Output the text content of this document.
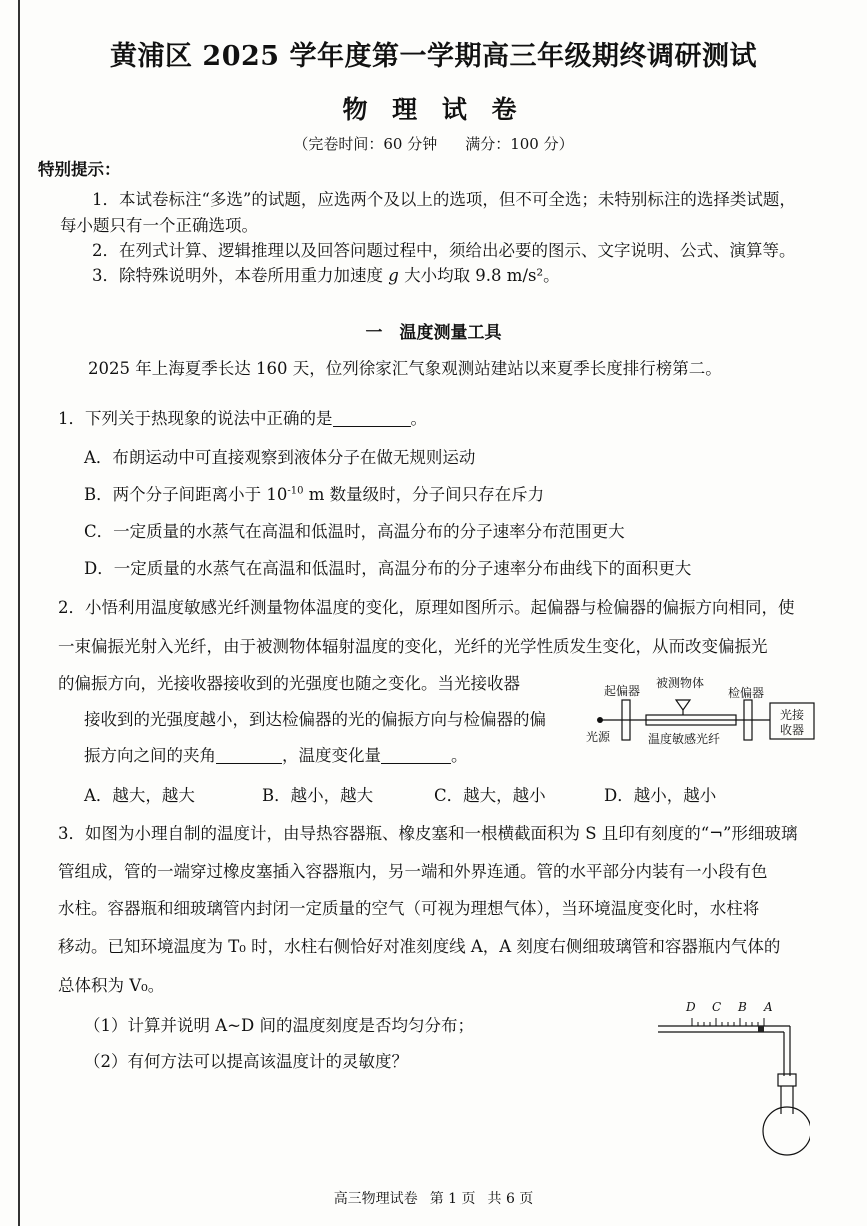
黄浦区 2025 学年度第一学期高三年级期终调研测试
物 理 试 卷
（完卷时间：60 分钟 满分：100 分）
特别提示：
1．本试卷标注“多选”的试题，应选两个及以上的选项，但不可全选；未特别标注的选择类试题，
每小题只有一个正确选项。
2．在列式计算、逻辑推理以及回答问题过程中，须给出必要的图示、文字说明、公式、演算等。
3．除特殊说明外，本卷所用重力加速度 g 大小均取 9.8 m/s²。
一　温度测量工具
2025 年上海夏季长达 160 天，位列徐家汇气象观测站建站以来夏季长度排行榜第二。
1．下列关于热现象的说法中正确的是	。
A．布朗运动中可直接观察到液体分子在做无规则运动
B．两个分子间距离小于 $10^{-10}$ m 数量级时，分子间只存在斥力
C．一定质量的水蒸气在高温和低温时，高温分布的分子速率分布范围更大
D．一定质量的水蒸气在高温和低温时，高温分布的分子速率分布曲线下的面积更大
2．小悟利用温度敏感光纤测量物体温度的变化，原理如图所示。起偏器与检偏器的偏振方向相同，使
一束偏振光射入光纤，由于被测物体辐射温度的变化，光纤的光学性质发生变化，从而改变偏振光
的偏振方向，光接收器接收到的光强度也随之变化。当光接收器
接收到的光强度越小，到达检偏器的光的偏振方向与检偏器的偏
振方向之间的夹角	，温度变化量	。
A．越大，越大	B．越小，越大	C．越大，越小	D．越小，越小
起偏器
被测物体
检偏器
光接
收器
光源	温度敏感光纤
3．如图为小理自制的温度计，由导热容器瓶、橡皮塞和一根横截面积为 S 且印有刻度的“¬”形细玻璃
管组成，管的一端穿过橡皮塞插入容器瓶内，另一端和外界连通。管的水平部分内装有一小段有色
水柱。容器瓶和细玻璃管内封闭一定质量的空气（可视为理想气体），当环境温度变化时，水柱将
移动。已知环境温度为 T₀ 时，水柱右侧恰好对准刻度线 A，A 刻度右侧细玻璃管和容器瓶内气体的
总体积为 V₀。
（1）计算并说明 A~D 间的温度刻度是否均匀分布；
（2）有何方法可以提高该温度计的灵敏度？
D C B A
高三物理试卷 第 1 页 共 6 页
